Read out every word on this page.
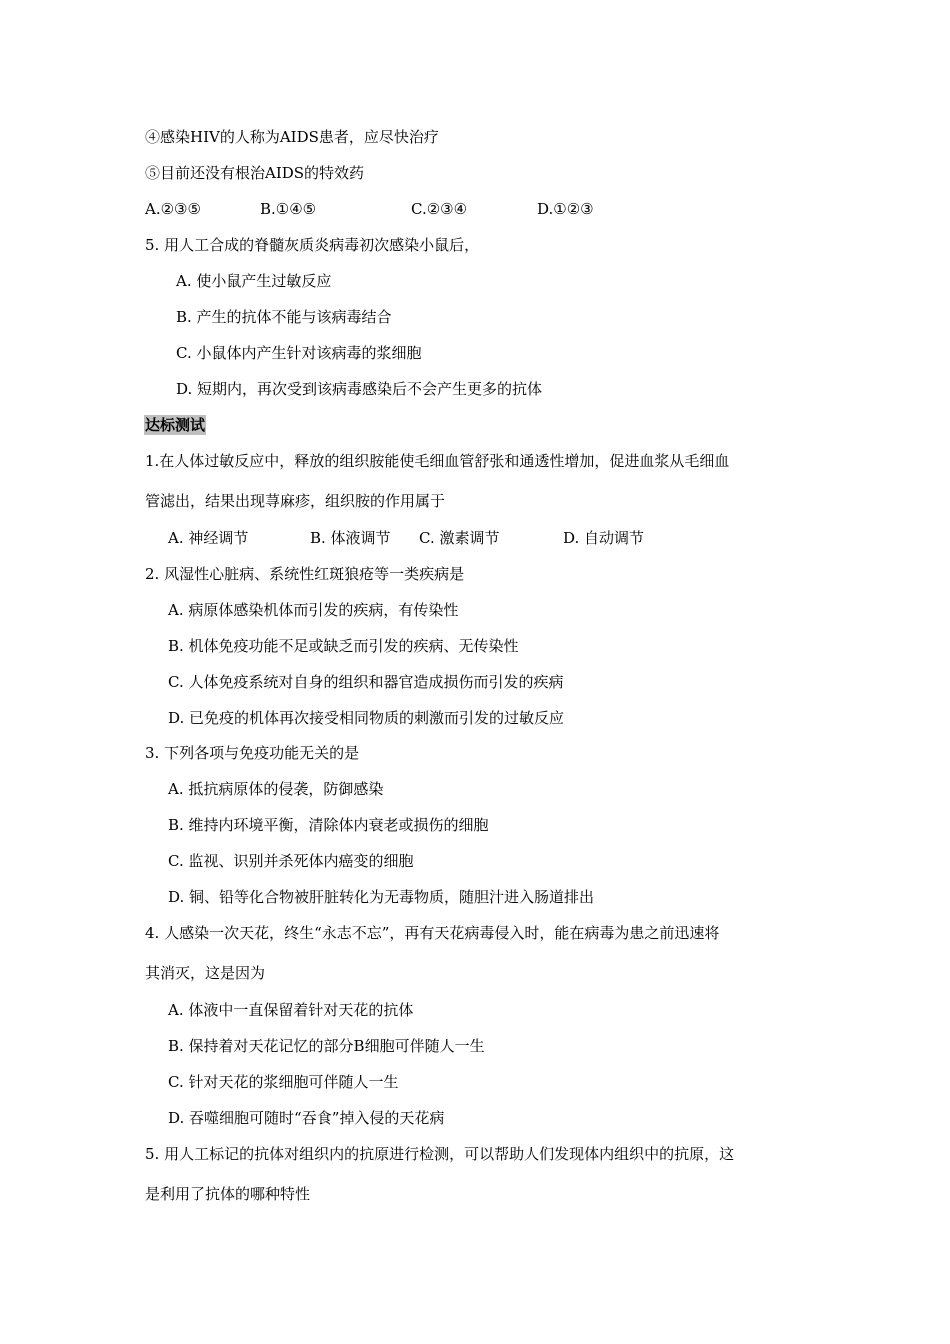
④感染HIV的人称为AIDS患者，应尽快治疗
⑤目前还没有根治AIDS的特效药
A.②③⑤	B.①④⑤	C.②③④	D.①②③
5. 用人工合成的脊髓灰质炎病毒初次感染小鼠后，
A. 使小鼠产生过敏反应
B. 产生的抗体不能与该病毒结合
C. 小鼠体内产生针对该病毒的浆细胞
D. 短期内，再次受到该病毒感染后不会产生更多的抗体
达标测试
1.在人体过敏反应中，释放的组织胺能使毛细血管舒张和通透性增加，促进血浆从毛细血
管滤出，结果出现荨麻疹，组织胺的作用属于
A. 神经调节	B. 体液调节 C. 激素调节	D. 自动调节
2. 风湿性心脏病、系统性红斑狼疮等一类疾病是
A. 病原体感染机体而引发的疾病，有传染性
B. 机体免疫功能不足或缺乏而引发的疾病、无传染性
C. 人体免疫系统对自身的组织和器官造成损伤而引发的疾病
D. 已免疫的机体再次接受相同物质的刺激而引发的过敏反应
3. 下列各项与免疫功能无关的是
A. 抵抗病原体的侵袭，防御感染
B. 维持内环境平衡，清除体内衰老或损伤的细胞
C. 监视、识别并杀死体内癌变的细胞
D. 铜、铅等化合物被肝脏转化为无毒物质，随胆汁进入肠道排出
4. 人感染一次天花，终生“永志不忘”，再有天花病毒侵入时，能在病毒为患之前迅速将
其消灭，这是因为
A. 体液中一直保留着针对天花的抗体
B. 保持着对天花记忆的部分B细胞可伴随人一生
C. 针对天花的浆细胞可伴随人一生
D. 吞噬细胞可随时“吞食”掉入侵的天花病
5. 用人工标记的抗体对组织内的抗原进行检测，可以帮助人们发现体内组织中的抗原，这
是利用了抗体的哪种特性
